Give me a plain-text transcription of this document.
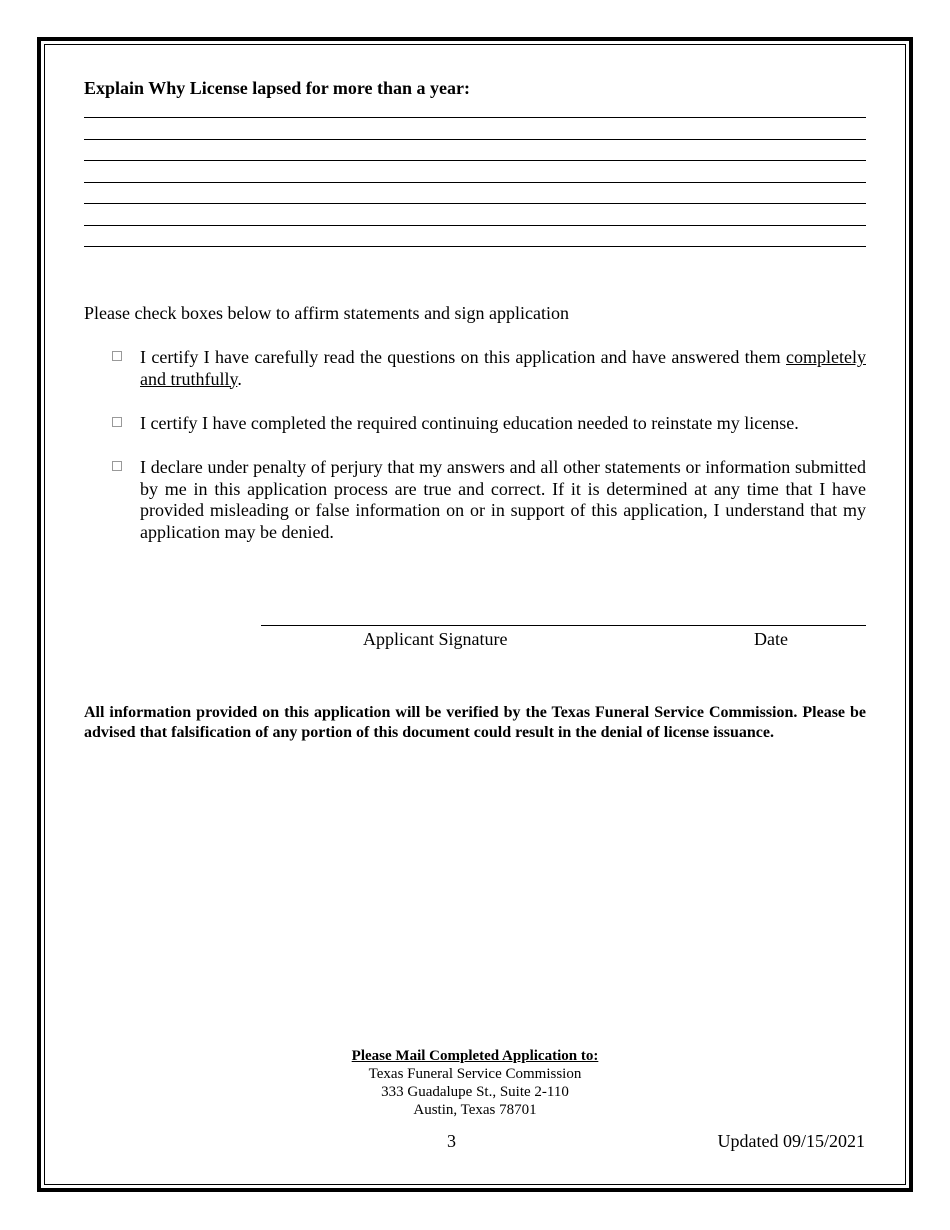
Explain Why License lapsed for more than a year:
Please check boxes below to affirm statements and sign application
I certify I have carefully read the questions on this application and have answered them completely and truthfully.
I certify I have completed the required continuing education needed to reinstate my license.
I declare under penalty of perjury that my answers and all other statements or information submitted by me in this application process are true and correct. If it is determined at any time that I have provided misleading or false information on or in support of this application, I understand that my application may be denied.
Applicant Signature	Date
All information provided on this application will be verified by the Texas Funeral Service Commission. Please be advised that falsification of any portion of this document could result in the denial of license issuance.
Please Mail Completed Application to:
Texas Funeral Service Commission
333 Guadalupe St., Suite 2-110
Austin, Texas 78701
3	Updated 09/15/2021
